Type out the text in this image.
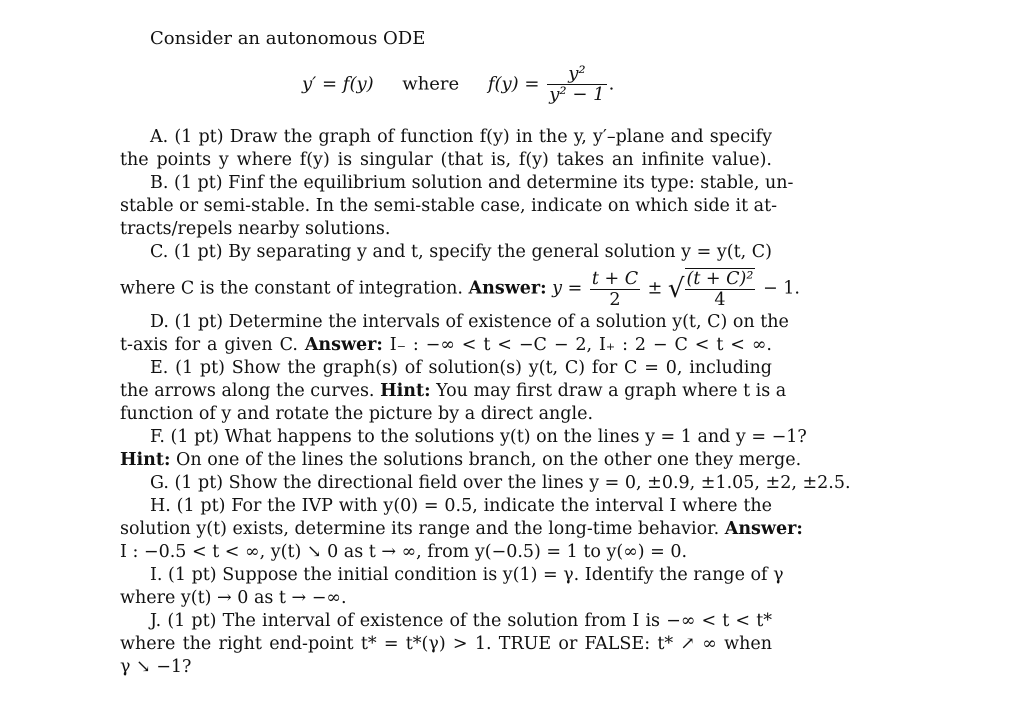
Consider an autonomous ODE
y′ = f(y) where $f(y) = \frac{\text{y²}}{\text{y² − 1}}$ .
A. (1 pt) Draw the graph of function f(y) in the y, y′–plane and specify
the points y where f(y) is singular (that is, f(y) takes an infinite value).
B. (1 pt) Finf the equilibrium solution and determine its type: stable, un-
stable or semi-stable. In the semi-stable case, indicate on which side it at-
tracts/repels nearby solutions.
C. (1 pt) By separating y and t, specify the general solution y = y(t, C)
where C is the constant of integration. Answer: $y = \frac{t + C}{2}$ ± √ $\frac{\text{(t + C)²}}{4} - 1$.
D. (1 pt) Determine the intervals of existence of a solution y(t, C) on the
t-axis for a given C. Answer: I₋ : −∞ < t < −C − 2, I₊ : 2 − C < t < ∞.
E. (1 pt) Show the graph(s) of solution(s) y(t, C) for C = 0, including
the arrows along the curves. Hint: You may first draw a graph where t is a
function of y and rotate the picture by a direct angle.
F. (1 pt) What happens to the solutions y(t) on the lines y = 1 and y = −1?
Hint: On one of the lines the solutions branch, on the other one they merge.
G. (1 pt) Show the directional field over the lines y = 0, ±0.9, ±1.05, ±2, ±2.5.
H. (1 pt) For the IVP with y(0) = 0.5, indicate the interval I where the
solution y(t) exists, determine its range and the long-time behavior. Answer:
I : −0.5 < t < ∞, y(t) ↘ 0 as t → ∞, from y(−0.5) = 1 to y(∞) = 0.
I. (1 pt) Suppose the initial condition is y(1) = γ. Identify the range of γ
where y(t) → 0 as t → −∞.
J. (1 pt) The interval of existence of the solution from I is −∞ < t < t*
where the right end-point t* = t*(γ) > 1. TRUE or FALSE: t* ↗ ∞ when
γ ↘ −1?
